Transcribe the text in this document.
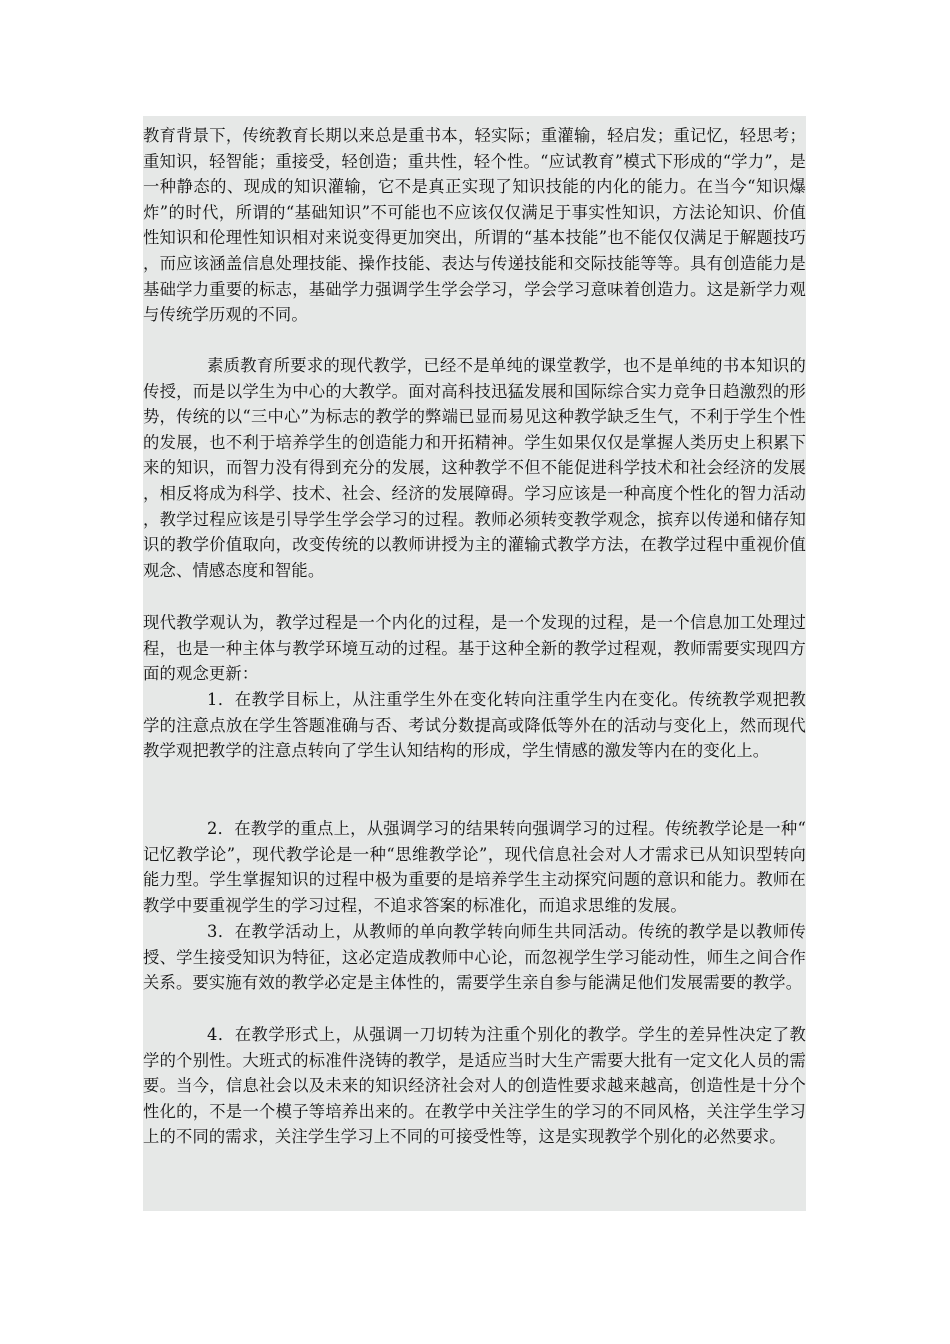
教育背景下，传统教育长期以来总是重书本，轻实际；重灌输，轻启发；重记忆，轻思考；重知识，轻智能；重接受，轻创造；重共性，轻个性。“应试教育”模式下形成的“学力”，是一种静态的、现成的知识灌输，它不是真正实现了知识技能的内化的能力。在当今“知识爆炸”的时代，所谓的“基础知识”不可能也不应该仅仅满足于事实性知识，方法论知识、价值性知识和伦理性知识相对来说变得更加突出，所谓的“基本技能”也不能仅仅满足于解题技巧，而应该涵盖信息处理技能、操作技能、表达与传递技能和交际技能等等。具有创造能力是基础学力重要的标志，基础学力强调学生学会学习，学会学习意味着创造力。这是新学力观与传统学历观的不同。

素质教育所要求的现代教学，已经不是单纯的课堂教学，也不是单纯的书本知识的传授，而是以学生为中心的大教学。面对高科技迅猛发展和国际综合实力竞争日趋激烈的形势，传统的以“三中心”为标志的教学的弊端已显而易见这种教学缺乏生气，不利于学生个性的发展，也不利于培养学生的创造能力和开拓精神。学生如果仅仅是掌握人类历史上积累下来的知识，而智力没有得到充分的发展，这种教学不但不能促进科学技术和社会经济的发展，相反将成为科学、技术、社会、经济的发展障碍。学习应该是一种高度个性化的智力活动，教学过程应该是引导学生学会学习的过程。教师必须转变教学观念，摈弃以传递和储存知识的教学价值取向，改变传统的以教师讲授为主的灌输式教学方法，在教学过程中重视价值观念、情感态度和智能。

现代教学观认为，教学过程是一个内化的过程，是一个发现的过程，是一个信息加工处理过程，也是一种主体与教学环境互动的过程。基于这种全新的教学过程观，教师需要实现四方面的观念更新：

1．在教学目标上，从注重学生外在变化转向注重学生内在变化。传统教学观把教学的注意点放在学生答题准确与否、考试分数提高或降低等外在的活动与变化上，然而现代教学观把教学的注意点转向了学生认知结构的形成，学生情感的激发等内在的变化上。

2．在教学的重点上，从强调学习的结果转向强调学习的过程。传统教学论是一种“记忆教学论”，现代教学论是一种“思维教学论”，现代信息社会对人才需求已从知识型转向能力型。学生掌握知识的过程中极为重要的是培养学生主动探究问题的意识和能力。教师在教学中要重视学生的学习过程，不追求答案的标准化，而追求思维的发展。

3．在教学活动上，从教师的单向教学转向师生共同活动。传统的教学是以教师传授、学生接受知识为特征，这必定造成教师中心论，而忽视学生学习能动性，师生之间合作关系。要实施有效的教学必定是主体性的，需要学生亲自参与能满足他们发展需要的教学。

4．在教学形式上，从强调一刀切转为注重个别化的教学。学生的差异性决定了教学的个别性。大班式的标准件浇铸的教学，是适应当时大生产需要大批有一定文化人员的需要。当今，信息社会以及未来的知识经济社会对人的创造性要求越来越高，创造性是十分个性化的，不是一个模子等培养出来的。在教学中关注学生的学习的不同风格，关注学生学习上的不同的需求，关注学生学习上不同的可接受性等，这是实现教学个别化的必然要求。
